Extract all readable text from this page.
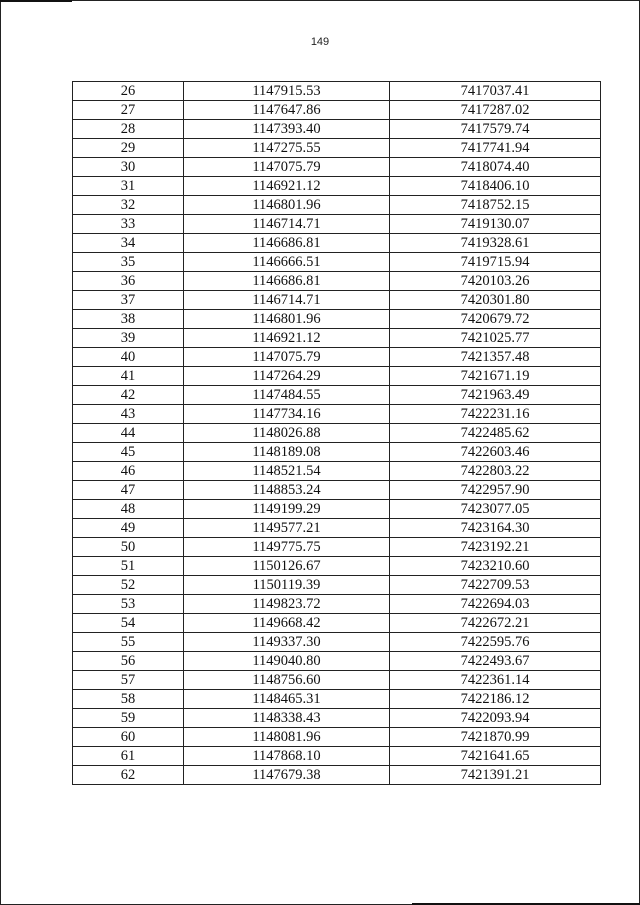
149
26	1147915.53	7417037.41
27	1147647.86	7417287.02
28	1147393.40	7417579.74
29	1147275.55	7417741.94
30	1147075.79	7418074.40
31	1146921.12	7418406.10
32	1146801.96	7418752.15
33	1146714.71	7419130.07
34	1146686.81	7419328.61
35	1146666.51	7419715.94
36	1146686.81	7420103.26
37	1146714.71	7420301.80
38	1146801.96	7420679.72
39	1146921.12	7421025.77
40	1147075.79	7421357.48
41	1147264.29	7421671.19
42	1147484.55	7421963.49
43	1147734.16	7422231.16
44	1148026.88	7422485.62
45	1148189.08	7422603.46
46	1148521.54	7422803.22
47	1148853.24	7422957.90
48	1149199.29	7423077.05
49	1149577.21	7423164.30
50	1149775.75	7423192.21
51	1150126.67	7423210.60
52	1150119.39	7422709.53
53	1149823.72	7422694.03
54	1149668.42	7422672.21
55	1149337.30	7422595.76
56	1149040.80	7422493.67
57	1148756.60	7422361.14
58	1148465.31	7422186.12
59	1148338.43	7422093.94
60	1148081.96	7421870.99
61	1147868.10	7421641.65
62	1147679.38	7421391.21
